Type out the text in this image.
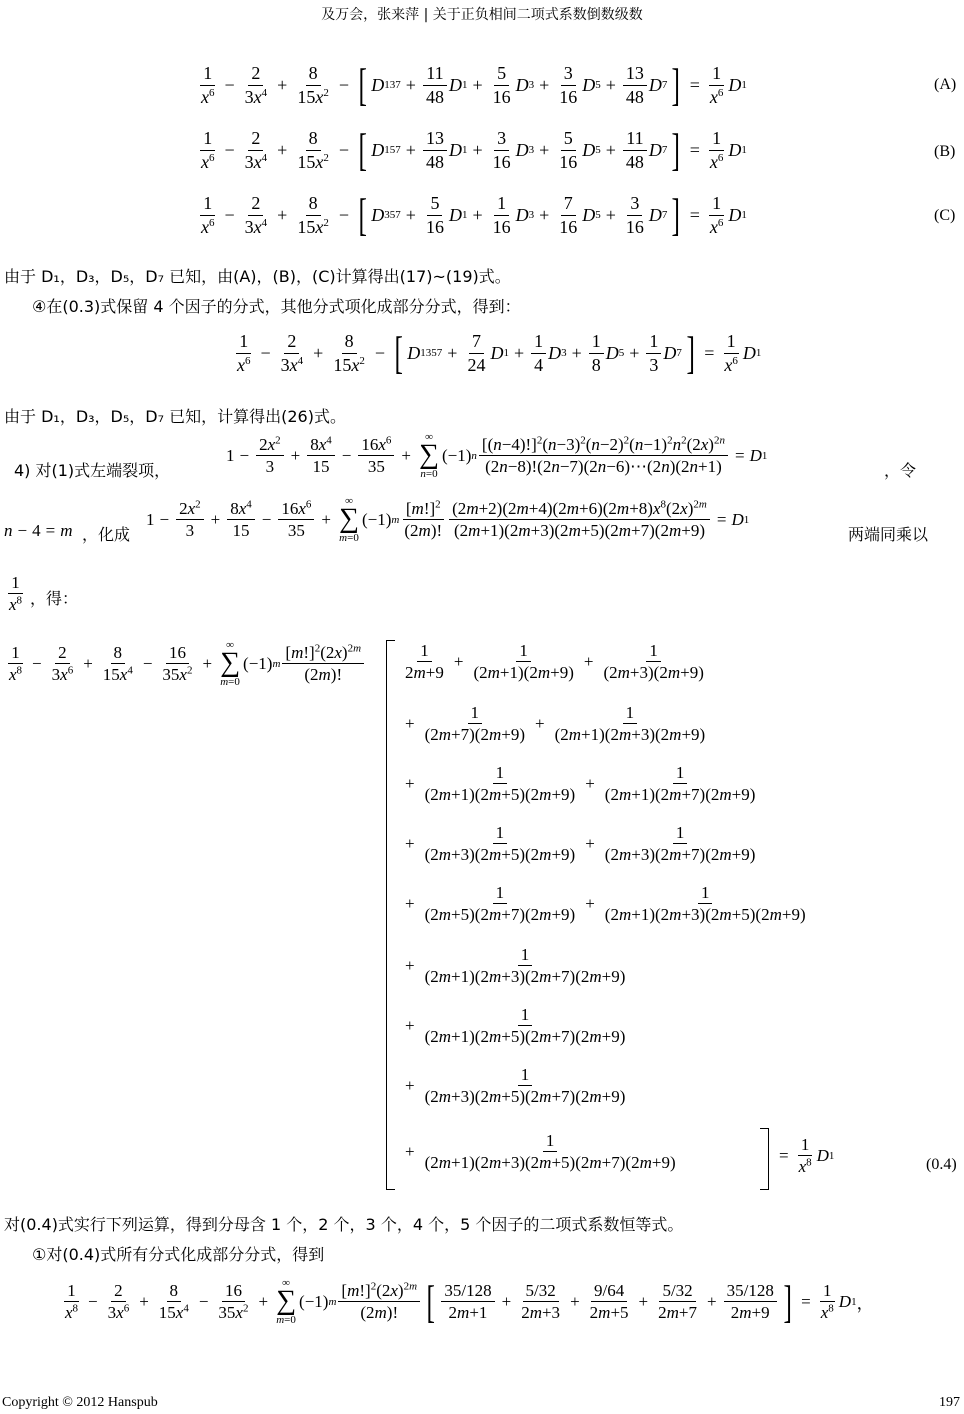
及万会，张来萍 | 关于正负相间二项式系数倒数级数
$\frac{1}{x^6} - \frac{2}{3x^4} + \frac{8}{15x^2}$ − [ D $137 + \frac{11}{48}$ D $1 + \frac{5}{16}$ D $3 + \frac{3}{16}$ D $5 + \frac{13}{48}$ D 7 ] = $\frac{1}{x^6}$ D 1	(A)
$\frac{1}{x^6} - \frac{2}{3x^4} + \frac{8}{15x^2}$ − [ D $157 + \frac{13}{48}$ D $1 + \frac{3}{16}$ D $3 + \frac{5}{16}$ D $5 + \frac{11}{48}$ D 7 ] = $\frac{1}{x^6}$ D 1	(B)
$\frac{1}{x^6} - \frac{2}{3x^4} + \frac{8}{15x^2}$ − [ D $357 + \frac{5}{16}$ D $1 + \frac{1}{16}$ D $3 + \frac{7}{16}$ D $5 + \frac{3}{16}$ D 7 ] = $\frac{1}{x^6}$ D 1	(C)
由于 D₁，D₃，D₅，D₇ 已知，由(A)，(B)，(C)计算得出(17)~(19)式。
④在(0.3)式保留 4 个因子的分式，其他分式项化成部分分式，得到：
$\frac{1}{x^6} - \frac{2}{3x^4} + \frac{8}{15x^2}$ − [ D $1357 + \frac{7}{24}$ D $1 + \frac{1}{4}$ D $3 + \frac{1}{8}$ D $5 + \frac{1}{3}$ D 7 ] = $\frac{1}{x^6}$ D 1
由于 D₁，D₃，D₅，D₇ 已知，计算得出(26)式。
4) 对(1)式左端裂项，
$1 - \frac{2x^2}{3} + \frac{8x^4}{15} - \frac{16x^6}{35}$ +
∞
∑
n=0
(−1) n $\frac{[(n-4)!]^2(n-3)^2(n-2)^2(n-1)^2n^2(2x)^{2n}}{(2n-8)!(2n-7)(2n-6)\cdots(2n)(2n+1)} = D$ 1
，令
n − 4 = m ，化成
$1 - \frac{2x^2}{3} + \frac{8x^4}{15} - \frac{16x^6}{35}$ +
∞
∑
m=0
(−1) m $\frac{[m!]^2}{(2m)!} \frac{(2m+2)(2m+4)(2m+6)(2m+8)x^8(2x)^{2m}}{(2m+1)(2m+3)(2m+5)(2m+7)(2m+9)} = D$ 1
两端同乘以
$\frac{1}{x^8}$ ，得：
$\frac{1}{x^8} - \frac{2}{3x^6} + \frac{8}{15x^4} - \frac{16}{35x^2}$ +
∞
∑
m=0
(−1) m $\frac{[m!]^2(2x)^{2m}}{(2m)!} \frac{1}{2m+9} + \frac{1}{(2m+1)(2m+9)} + \frac{1}{(2m+3)(2m+9)}$
+ $\frac{1}{(2m+7)(2m+9)} + \frac{1}{(2m+1)(2m+3)(2m+9)}$
+ $\frac{1}{(2m+1)(2m+5)(2m+9)} + \frac{1}{(2m+1)(2m+7)(2m+9)}$
+ $\frac{1}{(2m+3)(2m+5)(2m+9)} + \frac{1}{(2m+3)(2m+7)(2m+9)}$
+ $\frac{1}{(2m+5)(2m+7)(2m+9)} + \frac{1}{(2m+1)(2m+3)(2m+5)(2m+9)}$
+ $\frac{1}{(2m+1)(2m+3)(2m+7)(2m+9)}$
+ $\frac{1}{(2m+1)(2m+5)(2m+7)(2m+9)}$
+ $\frac{1}{(2m+3)(2m+5)(2m+7)(2m+9)}$
+ $\frac{1}{(2m+1)(2m+3)(2m+5)(2m+7)(2m+9)}$	= $\frac{1}{x^8}$ D 1
(0.4)
对(0.4)式实行下列运算，得到分母含 1 个，2 个，3 个，4 个，5 个因子的二项式系数恒等式。
①对(0.4)式所有分式化成部分分式，得到
$\frac{1}{x^8} - \frac{2}{3x^6} + \frac{8}{15x^4} - \frac{16}{35x^2}$ +
∞
∑
m=0
(−1) m $\frac{[m!]^2(2x)^{2m}}{(2m)!}$ [ $\frac{35/128}{2m+1} + \frac{5/32}{2m+3} + \frac{9/64}{2m+5} + \frac{5/32}{2m+7} + \frac{35/128}{2m+9}$ ] = $\frac{1}{x^8}$ D 1 ，
Copyright © 2012 Hanspub	197
